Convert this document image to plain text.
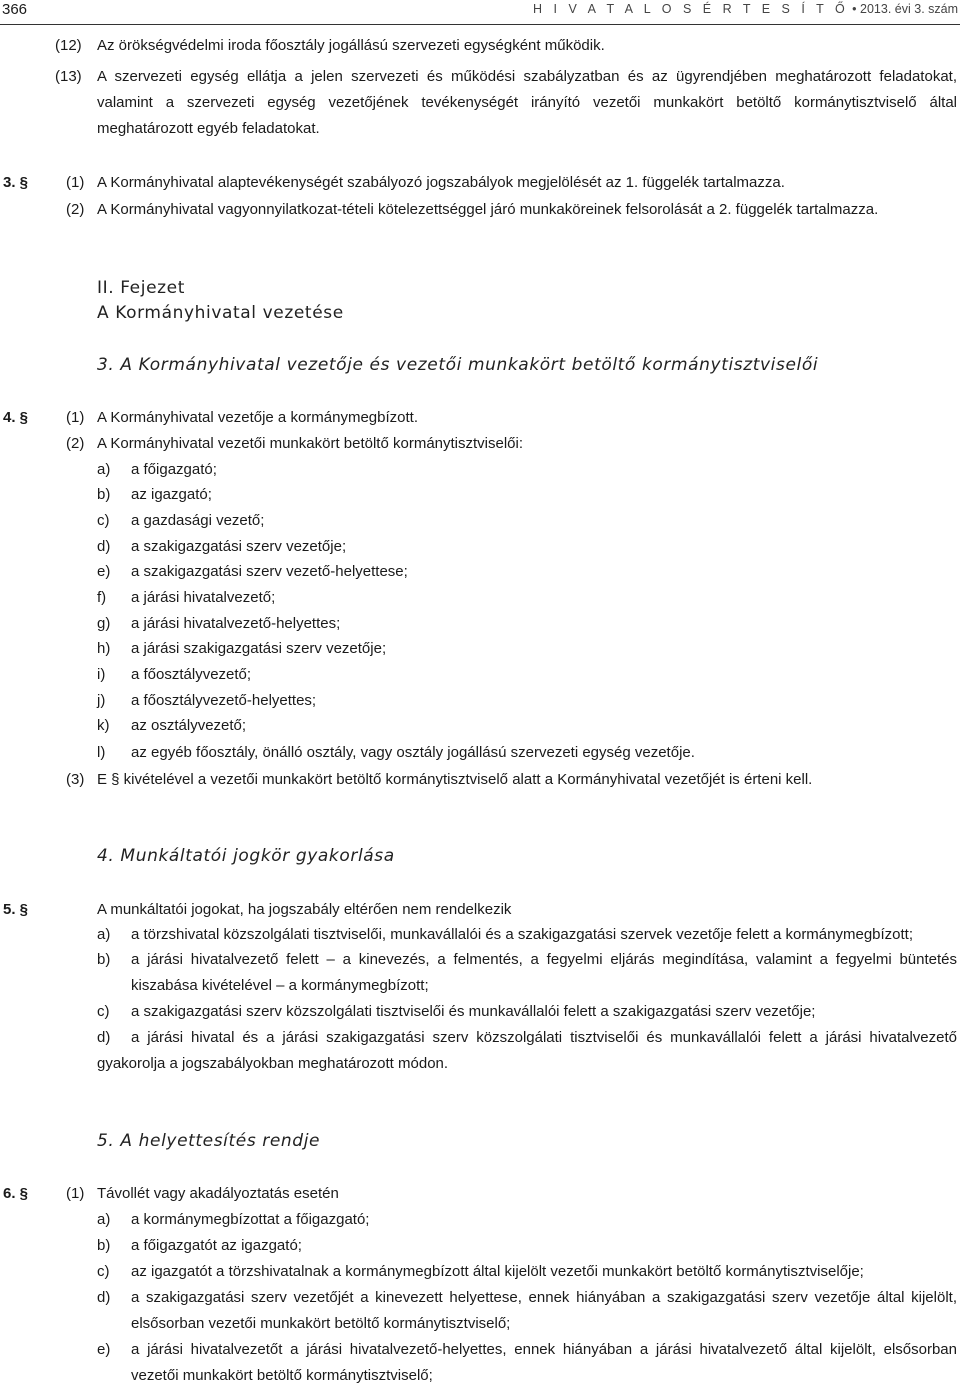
366	H I V A T A L O S É R T E S Í T Ő • 2013. évi 3. szám
(12) Az örökségvédelmi iroda főosztály jogállású szervezeti egységként működik.
(13) A szervezeti egység ellátja a jelen szervezeti és működési szabályzatban és az ügyrendjében meghatározott feladatokat, valamint a szervezeti egység vezetőjének tevékenységét irányító vezetői munkakört betöltő kormánytisztviselő által meghatározott egyéb feladatokat.
3. §	(1) A Kormányhivatal alaptevékenységét szabályozó jogszabályok megjelölését az 1. függelék tartalmazza.
(2) A Kormányhivatal vagyonnyilatkozat-tételi kötelezettséggel járó munkaköreinek felsorolását a 2. függelék tartalmazza.
II. Fejezet
A Kormányhivatal vezetése
3. A Kormányhivatal vezetője és vezetői munkakört betöltő kormánytisztviselői
4. §	(1) A Kormányhivatal vezetője a kormánymegbízott.
(2) A Kormányhivatal vezetői munkakört betöltő kormánytisztviselői:
a) a főigazgató;
b) az igazgató;
c) a gazdasági vezető;
d) a szakigazgatási szerv vezetője;
e) a szakigazgatási szerv vezető-helyettese;
f) a járási hivatalvezető;
g) a járási hivatalvezető-helyettes;
h) a járási szakigazgatási szerv vezetője;
i) a főosztályvezető;
j) a főosztályvezető-helyettes;
k) az osztályvezető;
l) az egyéb főosztály, önálló osztály, vagy osztály jogállású szervezeti egység vezetője.
(3) E § kivételével a vezetői munkakört betöltő kormánytisztviselő alatt a Kormányhivatal vezetőjét is érteni kell.
4. Munkáltatói jogkör gyakorlása
5. §	A munkáltatói jogokat, ha jogszabály eltérően nem rendelkezik
a) a törzshivatal közszolgálati tisztviselői, munkavállalói és a szakigazgatási szervek vezetője felett a kormánymegbízott;
b) a járási hivatalvezető felett – a kinevezés, a felmentés, a fegyelmi eljárás megindítása, valamint a fegyelmi büntetés kiszabása kivételével – a kormánymegbízott;
c) a szakigazgatási szerv közszolgálati tisztviselői és munkavállalói felett a szakigazgatási szerv vezetője;
d) a járási hivatal és a járási szakigazgatási szerv közszolgálati tisztviselői és munkavállalói felett a járási hivatalvezető
gyakorolja a jogszabályokban meghatározott módon.
5. A helyettesítés rendje
6. §	(1) Távollét vagy akadályoztatás esetén
a) a kormánymegbízottat a főigazgató;
b) a főigazgatót az igazgató;
c) az igazgatót a törzshivatalnak a kormánymegbízott által kijelölt vezetői munkakört betöltő kormánytisztviselője;
d) a szakigazgatási szerv vezetőjét a kinevezett helyettese, ennek hiányában a szakigazgatási szerv vezetője által kijelölt, elsősorban vezetői munkakört betöltő kormánytisztviselő;
e) a járási hivatalvezetőt a járási hivatalvezető-helyettes, ennek hiányában a járási hivatalvezető által kijelölt, elsősorban vezetői munkakört betöltő kormánytisztviselő;
